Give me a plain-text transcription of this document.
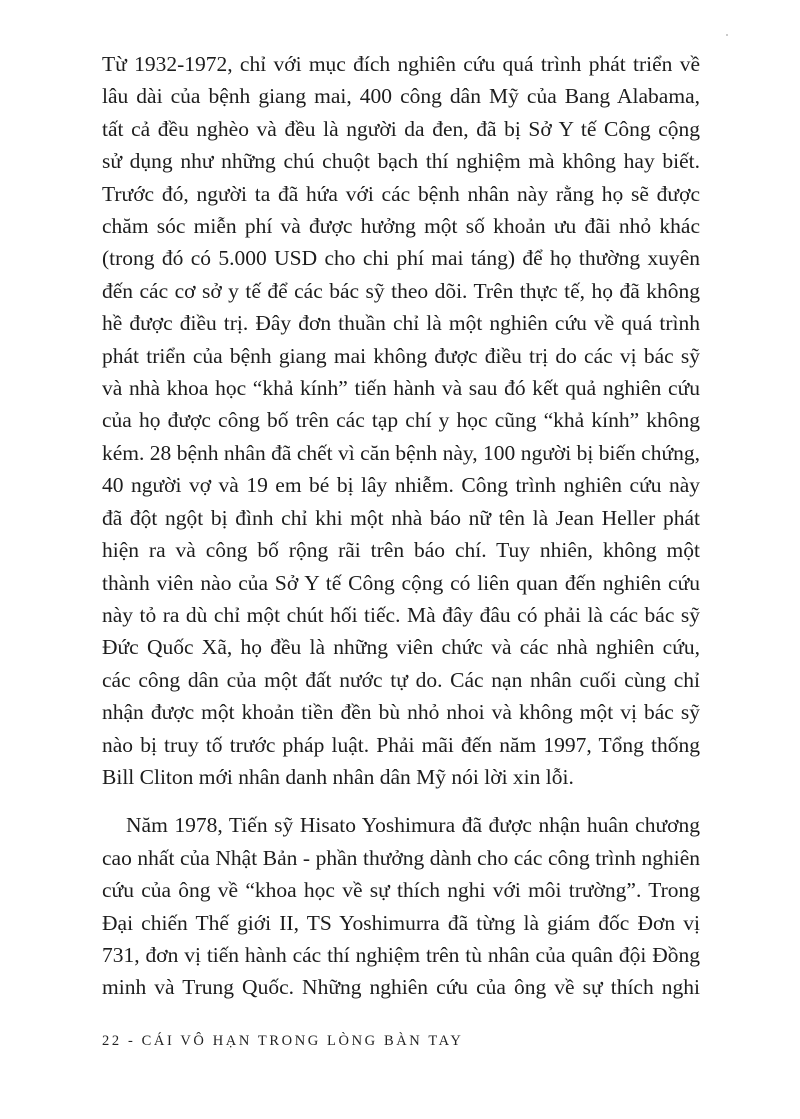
Từ 1932-1972, chỉ với mục đích nghiên cứu quá trình phát triển về
lâu dài của bệnh giang mai, 400 công dân Mỹ của Bang Alabama,
tất cả đều nghèo và đều là người da đen, đã bị Sở Y tế Công cộng
sử dụng như những chú chuột bạch thí nghiệm mà không hay biết.
Trước đó, người ta đã hứa với các bệnh nhân này rằng họ sẽ được
chăm sóc miễn phí và được hưởng một số khoản ưu đãi nhỏ khác
(trong đó có 5.000 USD cho chi phí mai táng) để họ thường xuyên
đến các cơ sở y tế để các bác sỹ theo dõi. Trên thực tế, họ đã không
hề được điều trị. Đây đơn thuần chỉ là một nghiên cứu về quá trình
phát triển của bệnh giang mai không được điều trị do các vị bác sỹ
và nhà khoa học “khả kính” tiến hành và sau đó kết quả nghiên cứu
của họ được công bố trên các tạp chí y học cũng “khả kính” không
kém. 28 bệnh nhân đã chết vì căn bệnh này, 100 người bị biến chứng,
40 người vợ và 19 em bé bị lây nhiễm. Công trình nghiên cứu này
đã đột ngột bị đình chỉ khi một nhà báo nữ tên là Jean Heller phát
hiện ra và công bố rộng rãi trên báo chí. Tuy nhiên, không một
thành viên nào của Sở Y tế Công cộng có liên quan đến nghiên cứu
này tỏ ra dù chỉ một chút hối tiếc. Mà đây đâu có phải là các bác sỹ
Đức Quốc Xã, họ đều là những viên chức và các nhà nghiên cứu,
các công dân của một đất nước tự do. Các nạn nhân cuối cùng chỉ
nhận được một khoản tiền đền bù nhỏ nhoi và không một vị bác sỹ
nào bị truy tố trước pháp luật. Phải mãi đến năm 1997, Tổng thống
Bill Cliton mới nhân danh nhân dân Mỹ nói lời xin lỗi.
Năm 1978, Tiến sỹ Hisato Yoshimura đã được nhận huân chương
cao nhất của Nhật Bản - phần thưởng dành cho các công trình nghiên
cứu của ông về “khoa học về sự thích nghi với môi trường”. Trong
Đại chiến Thế giới II, TS Yoshimurra đã từng là giám đốc Đơn vị
731, đơn vị tiến hành các thí nghiệm trên tù nhân của quân đội Đồng
minh và Trung Quốc. Những nghiên cứu của ông về sự thích nghi
22 - CÁI VÔ HẠN TRONG LÒNG BÀN TAY
